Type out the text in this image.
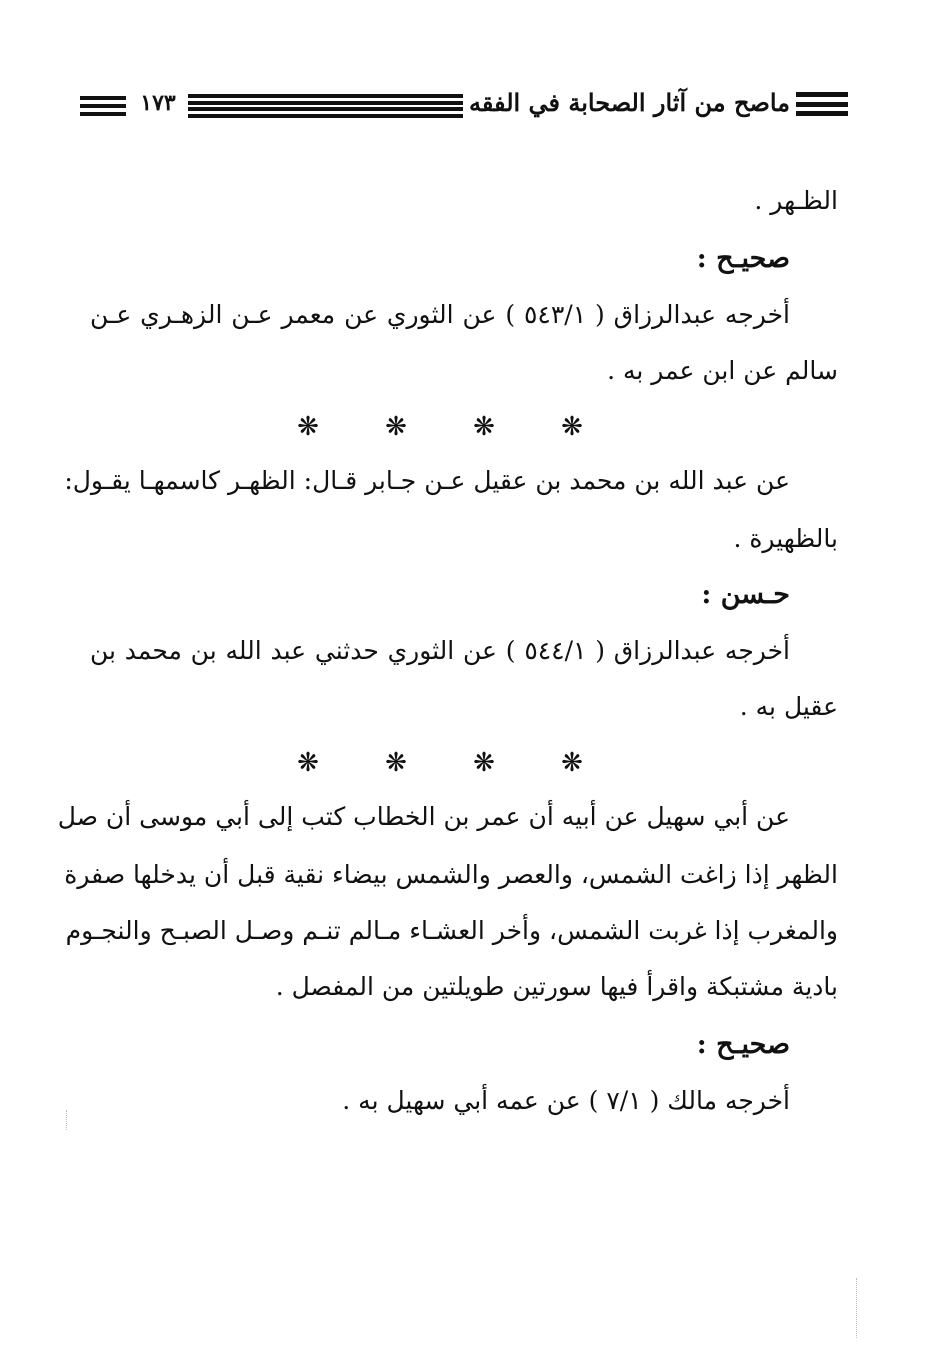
١٧٣	ماصح من آثار الصحابة في الفقه
الظـهر .
صحيـح :
أخرجه عبدالرزاق ( ٥٤٣/١ ) عن الثوري عن معمر عـن الزهـري عـن
سالم عن ابن عمر به .
❋	❋	❋	❋
عن عبد الله بن محمد بن عقيل عـن جـابر قـال: الظهـر كاسمهـا يقـول:
بالظهيرة .
حـسن :
أخرجه عبدالرزاق ( ٥٤٤/١ ) عن الثوري حدثني عبد الله بن محمد بن
عقيل به .
❋	❋	❋	❋
عن أبي سهيل عن أبيه أن عمر بن الخطاب كتب إلى أبي موسى أن صل
الظهر إذا زاغت الشمس، والعصر والشمس بيضاء نقية قبل أن يدخلها صفرة
والمغرب إذا غربت الشمس، وأخر العشـاء مـالم تنـم وصـل الصبـح والنجـوم
بادية مشتبكة واقرأ فيها سورتين طويلتين من المفصل .
صحيـح :
أخرجه مالك ( ٧/١ ) عن عمه أبي سهيل به .
